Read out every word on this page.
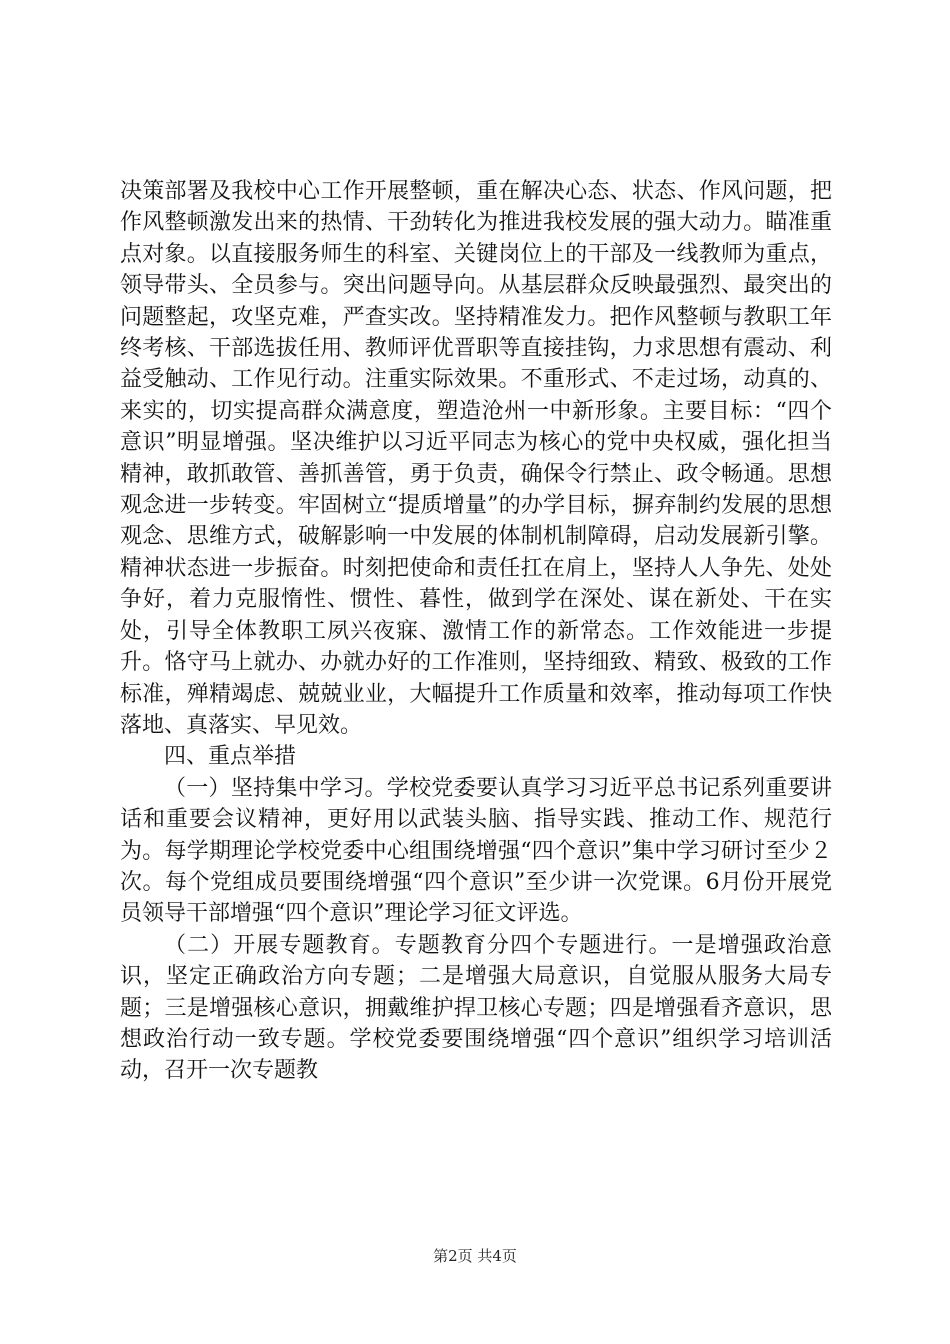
决策部署及我校中心工作开展整顿，重在解决心态、状态、作风问题，把作风整顿激发出来的热情、干劲转化为推进我校发展的强大动力。瞄准重点对象。以直接服务师生的科室、关键岗位上的干部及一线教师为重点，领导带头、全员参与。突出问题导向。从基层群众反映最强烈、最突出的问题整起，攻坚克难，严查实改。坚持精准发力。把作风整顿与教职工年终考核、干部选拔任用、教师评优晋职等直接挂钩，力求思想有震动、利益受触动、工作见行动。注重实际效果。不重形式、不走过场，动真的、来实的，切实提高群众满意度，塑造沧州一中新形象。主要目标：“四个意识”明显增强。坚决维护以习近平同志为核心的党中央权威，强化担当精神，敢抓敢管、善抓善管，勇于负责，确保令行禁止、政令畅通。思想观念进一步转变。牢固树立“提质增量”的办学目标，摒弃制约发展的思想观念、思维方式，破解影响一中发展的体制机制障碍，启动发展新引擎。精神状态进一步振奋。时刻把使命和责任扛在肩上，坚持人人争先、处处争好，着力克服惰性、惯性、暮性，做到学在深处、谋在新处、干在实处，引导全体教职工夙兴夜寐、激情工作的新常态。工作效能进一步提升。恪守马上就办、办就办好的工作准则，坚持细致、精致、极致的工作标准，殚精竭虑、兢兢业业，大幅提升工作质量和效率，推动每项工作快落地、真落实、早见效。

四、重点举措

（一）坚持集中学习。学校党委要认真学习习近平总书记系列重要讲话和重要会议精神，更好用以武装头脑、指导实践、推动工作、规范行为。每学期理论学校党委中心组围绕增强“四个意识”集中学习研讨至少２次。每个党组成员要围绕增强“四个意识”至少讲一次党课。6月份开展党员领导干部增强“四个意识”理论学习征文评选。

（二）开展专题教育。专题教育分四个专题进行。一是增强政治意识，坚定正确政治方向专题；二是增强大局意识，自觉服从服务大局专题；三是增强核心意识，拥戴维护捍卫核心专题；四是增强看齐意识，思想政治行动一致专题。学校党委要围绕增强“四个意识”组织学习培训活动，召开一次专题教

第2页 共4页
